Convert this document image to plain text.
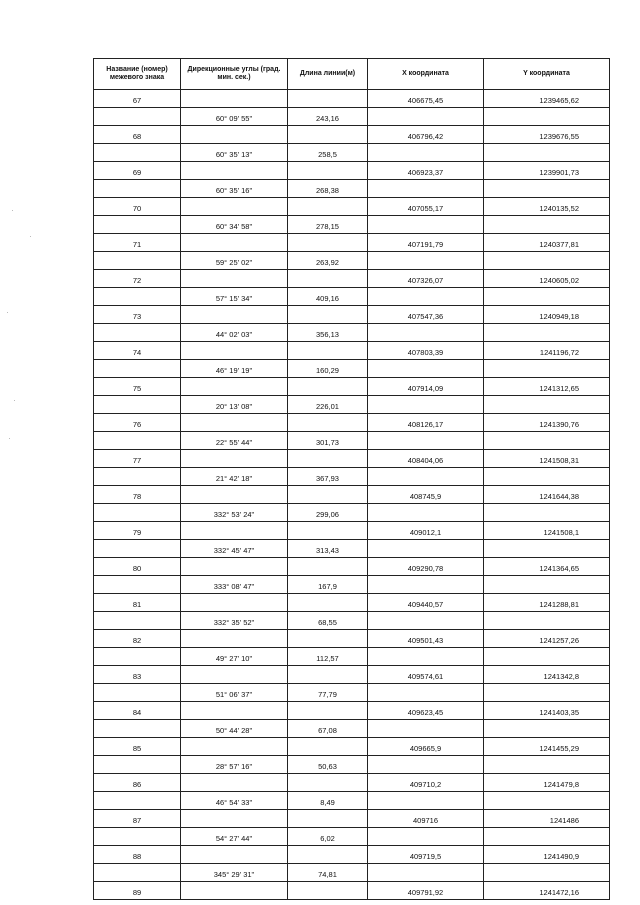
Название (номер) межевого знака	Дирекционные углы (град. мин. сек.)	Длина линии(м)	X координата	Y координата
67			406675,45	1239465,62
	60° 09' 55"	243,16		
68			406796,42	1239676,55
	60° 35' 13"	258,5		
69			406923,37	1239901,73
	60° 35' 16"	268,38		
70			407055,17	1240135,52
	60° 34' 58"	278,15		
71			407191,79	1240377,81
	59° 25' 02"	263,92		
72			407326,07	1240605,02
	57° 15' 34"	409,16		
73			407547,36	1240949,18
	44° 02' 03"	356,13		
74			407803,39	1241196,72
	46° 19' 19"	160,29		
75			407914,09	1241312,65
	20° 13' 08"	226,01		
76			408126,17	1241390,76
	22° 55' 44"	301,73		
77			408404,06	1241508,31
	21° 42' 18"	367,93		
78			408745,9	1241644,38
	332° 53' 24"	299,06		
79			409012,1	1241508,1
	332° 45' 47"	313,43		
80			409290,78	1241364,65
	333° 08' 47"	167,9		
81			409440,57	1241288,81
	332° 35' 52"	68,55		
82			409501,43	1241257,26
	49° 27' 10"	112,57		
83			409574,61	1241342,8
	51° 06' 37"	77,79		
84			409623,45	1241403,35
	50° 44' 28"	67,08		
85			409665,9	1241455,29
	28° 57' 16"	50,63		
86			409710,2	1241479,8
	46° 54' 33"	8,49		
87			409716	1241486
	54° 27' 44"	6,02		
88			409719,5	1241490,9
	345° 29' 31"	74,81		
89			409791,92	1241472,16
